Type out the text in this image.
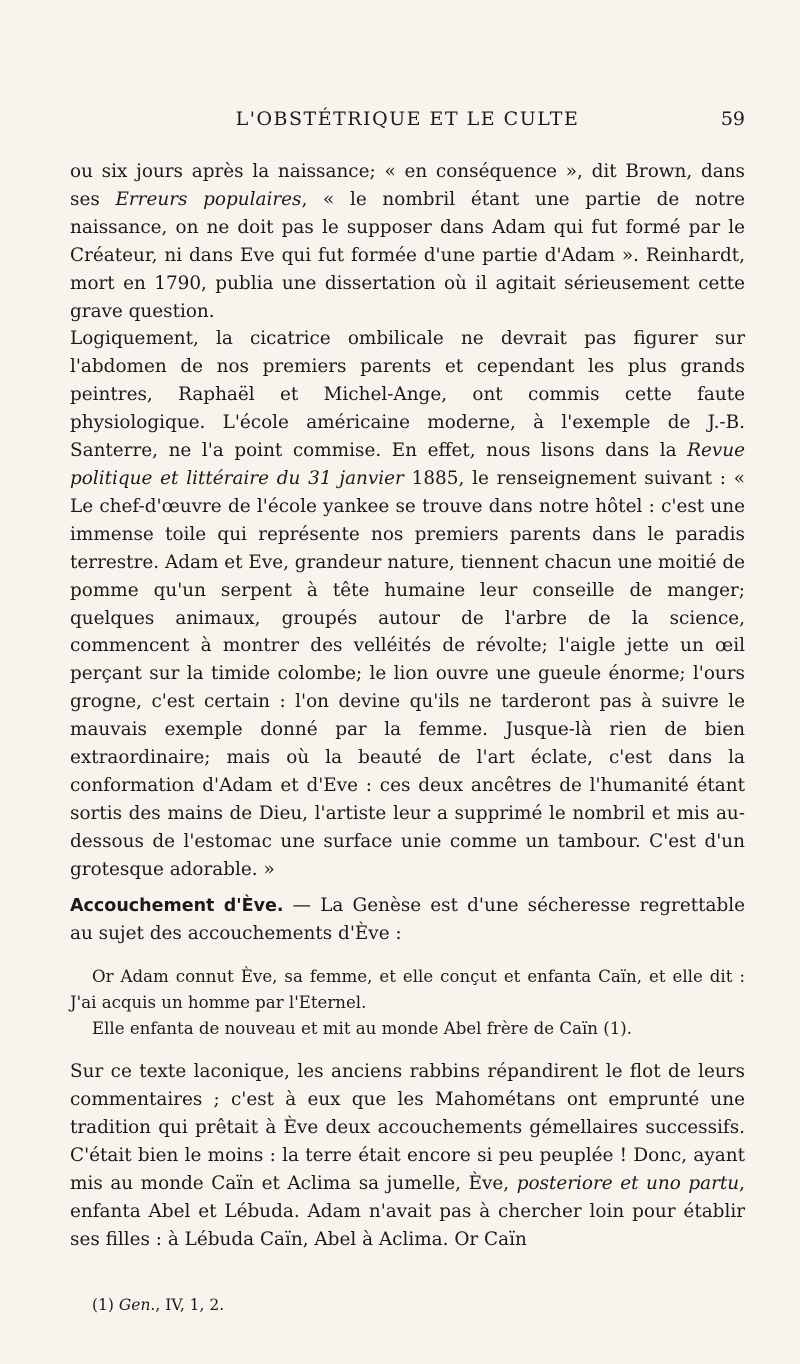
L'OBSTÉTRIQUE ET LE CULTE	59

ou six jours après la naissance; « en conséquence », dit Brown, dans ses Erreurs populaires, « le nombril étant une partie de notre naissance, on ne doit pas le supposer dans Adam qui fut formé par le Créateur, ni dans Eve qui fut formée d'une partie d'Adam ». Reinhardt, mort en 1790, publia une dissertation où il agitait sérieusement cette grave question.

Logiquement, la cicatrice ombilicale ne devrait pas figurer sur l'abdomen de nos premiers parents et cependant les plus grands peintres, Raphaël et Michel-Ange, ont commis cette faute physiologique. L'école américaine moderne, à l'exemple de J.-B. Santerre, ne l'a point commise. En effet, nous lisons dans la Revue politique et littéraire du 31 janvier 1885, le renseignement suivant : « Le chef-d'œuvre de l'école yankee se trouve dans notre hôtel : c'est une immense toile qui représente nos premiers parents dans le paradis terrestre. Adam et Eve, grandeur nature, tiennent chacun une moitié de pomme qu'un serpent à tête humaine leur conseille de manger; quelques animaux, groupés autour de l'arbre de la science, commencent à montrer des velléités de révolte; l'aigle jette un œil perçant sur la timide colombe; le lion ouvre une gueule énorme; l'ours grogne, c'est certain : l'on devine qu'ils ne tarderont pas à suivre le mauvais exemple donné par la femme. Jusque-là rien de bien extraordinaire; mais où la beauté de l'art éclate, c'est dans la conformation d'Adam et d'Eve : ces deux ancêtres de l'humanité étant sortis des mains de Dieu, l'artiste leur a supprimé le nombril et mis au-dessous de l'estomac une surface unie comme un tambour. C'est d'un grotesque adorable. »

Accouchement d'Ève. — La Genèse est d'une sécheresse regrettable au sujet des accouchements d'Ève :

Or Adam connut Ève, sa femme, et elle conçut et enfanta Caïn, et elle dit : J'ai acquis un homme par l'Eternel.

Elle enfanta de nouveau et mit au monde Abel frère de Caïn (1).

Sur ce texte laconique, les anciens rabbins répandirent le flot de leurs commentaires ; c'est à eux que les Mahométans ont emprunté une tradition qui prêtait à Ève deux accouchements gémellaires successifs. C'était bien le moins : la terre était encore si peu peuplée ! Donc, ayant mis au monde Caïn et Aclima sa jumelle, Ève, posteriore et uno partu, enfanta Abel et Lébuda. Adam n'avait pas à chercher loin pour établir ses filles : à Lébuda Caïn, Abel à Aclima. Or Caïn

(1) Gen., IV, 1, 2.
